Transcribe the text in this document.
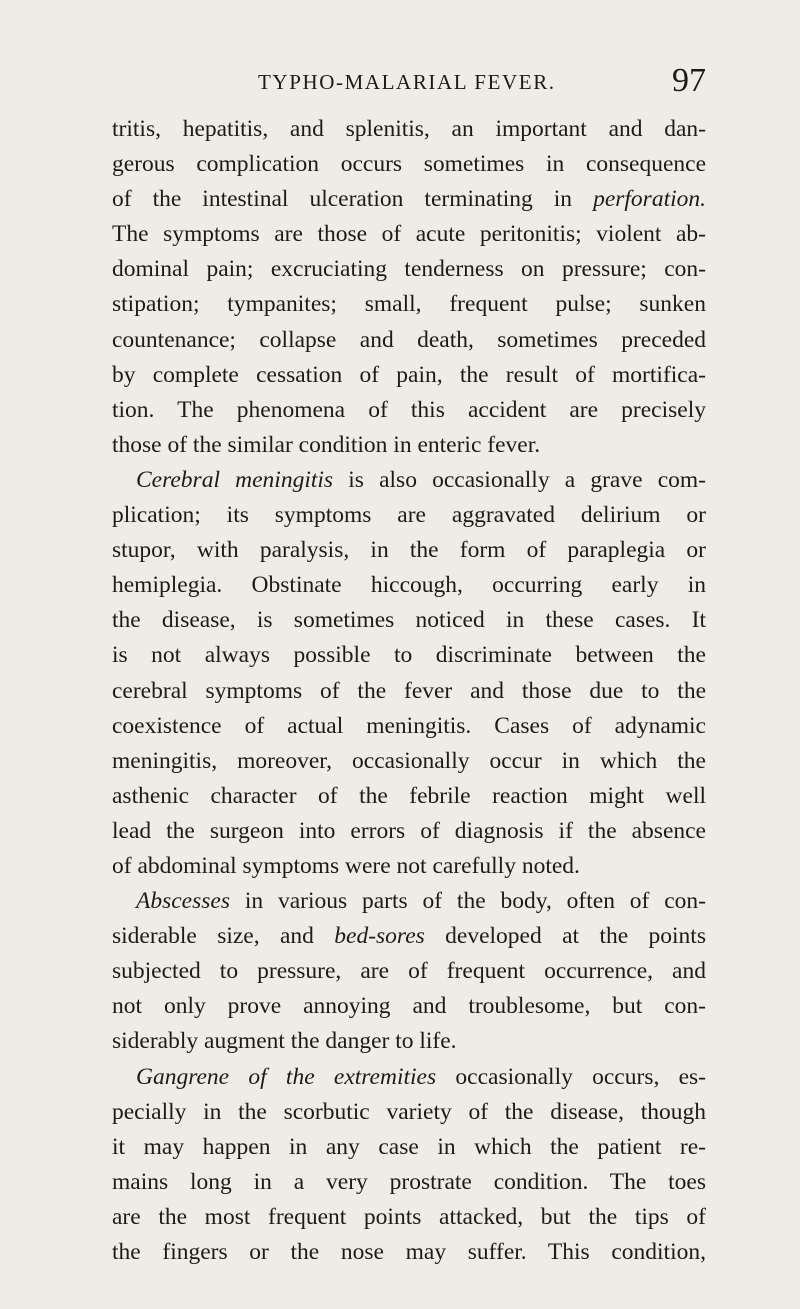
TYPHO-MALARIAL FEVER.	97
tritis, hepatitis, and splenitis, an important and dan-
gerous complication occurs sometimes in consequence
of the intestinal ulceration terminating in perforation.
The symptoms are those of acute peritonitis; violent ab-
dominal pain; excruciating tenderness on pressure; con-
stipation; tympanites; small, frequent pulse; sunken
countenance; collapse and death, sometimes preceded
by complete cessation of pain, the result of mortifica-
tion. The phenomena of this accident are precisely
those of the similar condition in enteric fever.
Cerebral meningitis is also occasionally a grave com-
plication; its symptoms are aggravated delirium or
stupor, with paralysis, in the form of paraplegia or
hemiplegia. Obstinate hiccough, occurring early in
the disease, is sometimes noticed in these cases. It
is not always possible to discriminate between the
cerebral symptoms of the fever and those due to the
coexistence of actual meningitis. Cases of adynamic
meningitis, moreover, occasionally occur in which the
asthenic character of the febrile reaction might well
lead the surgeon into errors of diagnosis if the absence
of abdominal symptoms were not carefully noted.
Abscesses in various parts of the body, often of con-
siderable size, and bed-sores developed at the points
subjected to pressure, are of frequent occurrence, and
not only prove annoying and troublesome, but con-
siderably augment the danger to life.
Gangrene of the extremities occasionally occurs, es-
pecially in the scorbutic variety of the disease, though
it may happen in any case in which the patient re-
mains long in a very prostrate condition. The toes
are the most frequent points attacked, but the tips of
the fingers or the nose may suffer. This condition,
